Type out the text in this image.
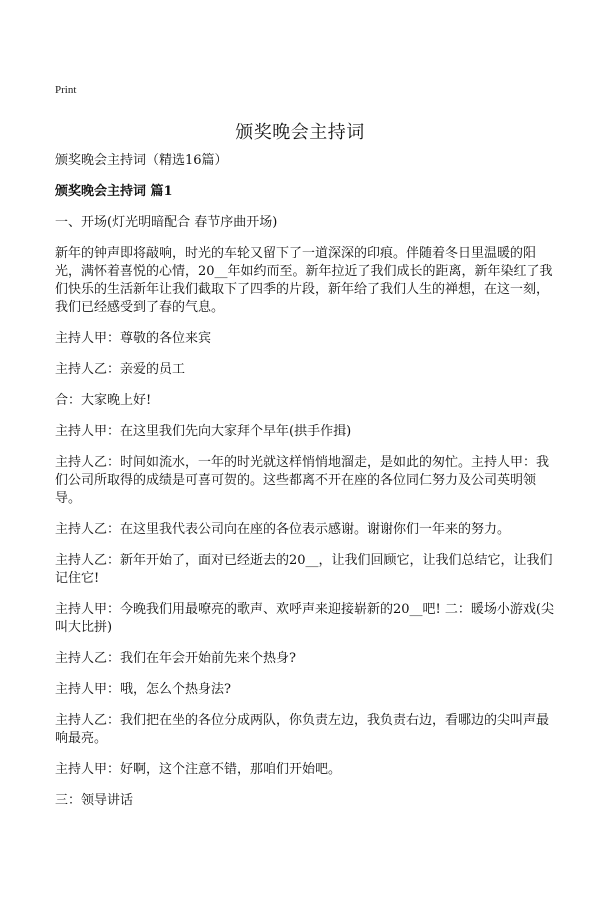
Print
颁奖晚会主持词

颁奖晚会主持词（精选16篇）

颁奖晚会主持词 篇1

一、开场(灯光明暗配合 春节序曲开场)

新年的钟声即将敲响，时光的车轮又留下了一道深深的印痕。伴随着冬日里温暖的阳光，满怀着喜悦的心情，20__年如约而至。新年拉近了我们成长的距离，新年染红了我们快乐的生活新年让我们截取下了四季的片段，新年给了我们人生的禅想，在这一刻，我们已经感受到了春的气息。

主持人甲：尊敬的各位来宾

主持人乙：亲爱的员工

合：大家晚上好!

主持人甲：在这里我们先向大家拜个早年(拱手作揖)

主持人乙：时间如流水，一年的时光就这样悄悄地溜走，是如此的匆忙。主持人甲：我们公司所取得的成绩是可喜可贺的。这些都离不开在座的各位同仁努力及公司英明领导。

主持人乙：在这里我代表公司向在座的各位表示感谢。谢谢你们一年来的努力。

主持人乙：新年开始了，面对已经逝去的20__，让我们回顾它，让我们总结它，让我们记住它!

主持人甲：今晚我们用最嘹亮的歌声、欢呼声来迎接崭新的20__吧! 二：暖场小游戏(尖叫大比拼)

主持人乙：我们在年会开始前先来个热身?

主持人甲：哦，怎么个热身法?

主持人乙：我们把在坐的各位分成两队，你负责左边，我负责右边，看哪边的尖叫声最响最亮。

主持人甲：好啊，这个注意不错，那咱们开始吧。

三：领导讲话
